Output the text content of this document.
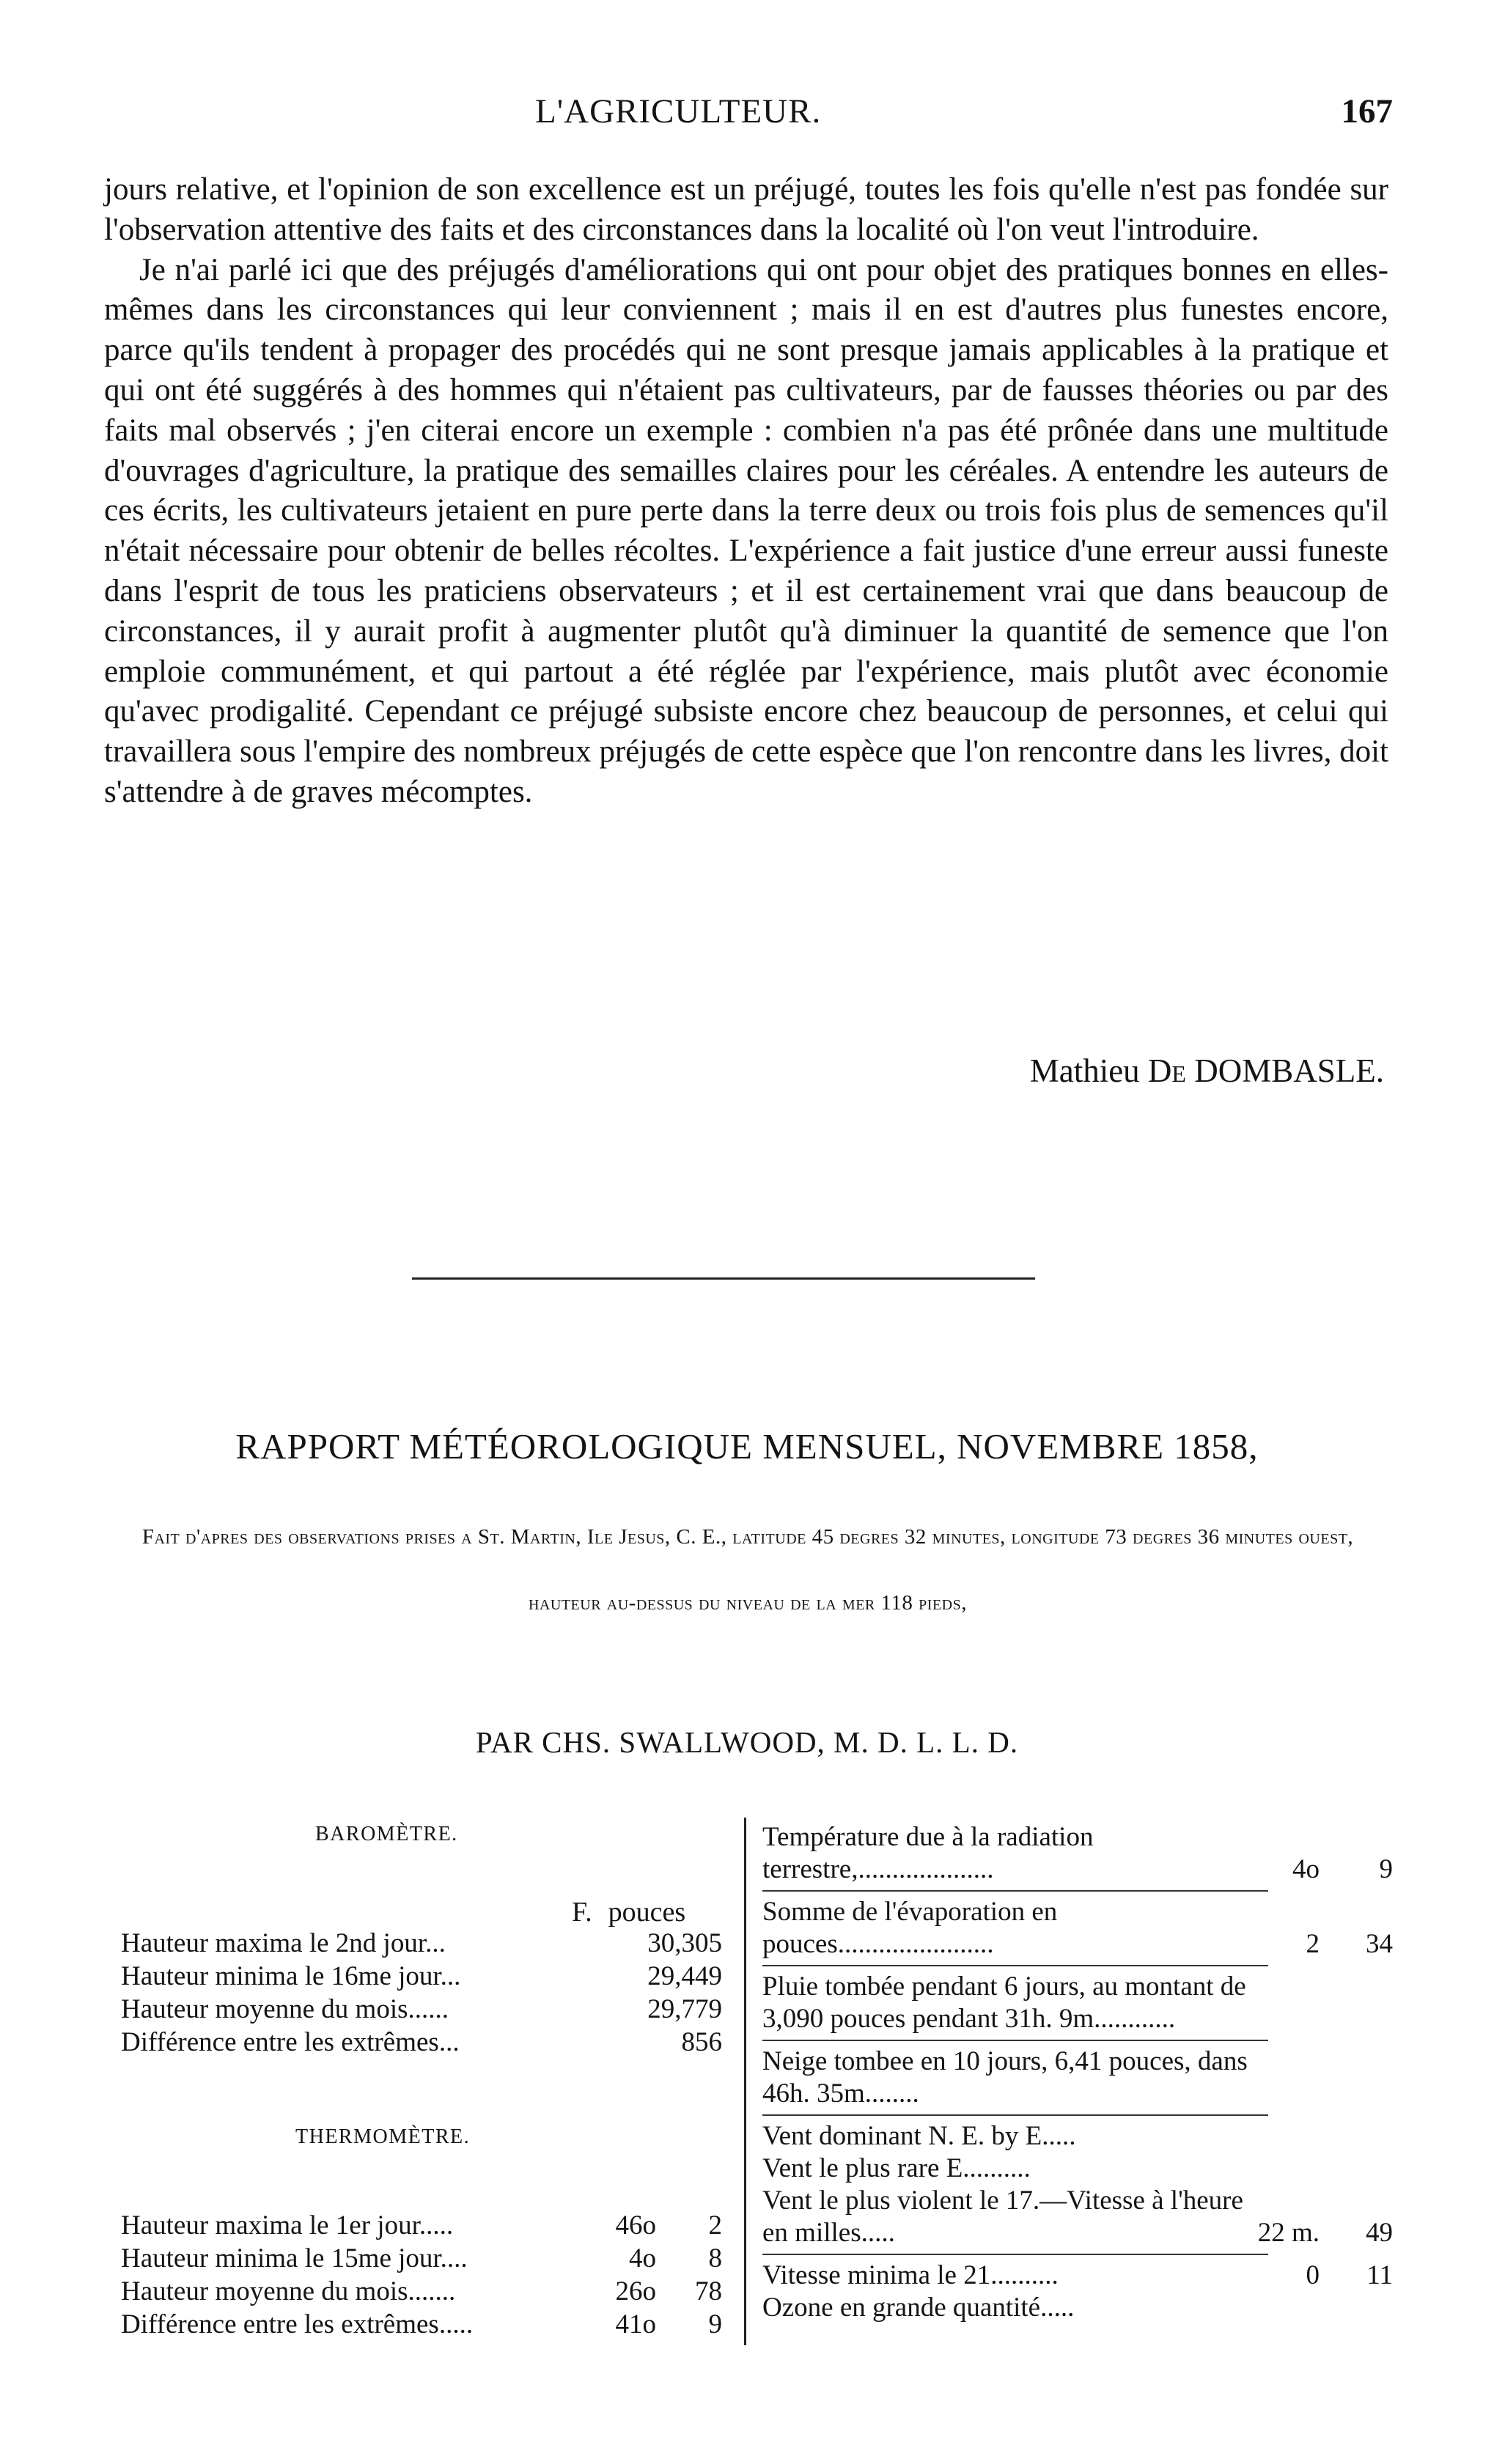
L'AGRICULTEUR.	167

jours relative, et l'opinion de son excellence est un préjugé, toutes les fois qu'elle n'est pas fondée sur l'observation attentive des faits et des circonstances dans la localité où l'on veut l'introduire.

Je n'ai parlé ici que des préjugés d'améliorations qui ont pour objet des pratiques bonnes en elles-mêmes dans les circonstances qui leur conviennent ; mais il en est d'autres plus funestes encore, parce qu'ils tendent à propager des procédés qui ne sont presque jamais applicables à la pratique et qui ont été suggérés à des hommes qui n'étaient pas cultivateurs, par de fausses théories ou par des faits mal observés ; j'en citerai encore un exemple : combien n'a pas été prônée dans une multitude d'ouvrages d'agriculture, la pratique des semailles claires pour les céréales. A entendre les auteurs de ces écrits, les cultivateurs jetaient en pure perte dans la terre deux ou trois fois plus de semences qu'il n'était nécessaire pour obtenir de belles récoltes. L'expérience a fait justice d'une erreur aussi funeste dans l'esprit de tous les praticiens observateurs ; et il est certainement vrai que dans beaucoup de circonstances, il y aurait profit à augmenter plutôt qu'à diminuer la quantité de semence que l'on emploie communément, et qui partout a été réglée par l'expérience, mais plutôt avec économie qu'avec prodigalité. Cependant ce préjugé subsiste encore chez beaucoup de personnes, et celui qui travaillera sous l'empire des nombreux préjugés de cette espèce que l'on rencontre dans les livres, doit s'attendre à de graves mécomptes.

Mathieu De DOMBASLE.
RAPPORT MÉTÉOROLOGIQUE MENSUEL, NOVEMBRE 1858,
Fait d'apres des observations prises a St. Martin, Ile Jesus, C. E., latitude 45 degres 32 minutes, longitude 73 degres 36 minutes ouest, hauteur au-dessus du niveau de la mer 118 pieds,
PAR CHS. SWALLWOOD, M. D. L. L. D.
BAROMÈTRE.
F. pouces
Hauteur maxima le 2nd jour...	30,305
Hauteur minima le 16me jour...	29,449
Hauteur moyenne du mois......	29,779
Différence entre les extrêmes...	856
THERMOMÈTRE.
Hauteur maxima le 1er jour.....	46o	2
Hauteur minima le 15me jour....	4o	8
Hauteur moyenne du mois.......	26o	78
Différence entre les extrêmes.....	41o	9
Température due à la radiation terrestre,....................	4o 9
Somme de l'évaporation en pouces.......................	2 34
Pluie tombée pendant 6 jours, au montant de 3,090 pouces pendant 31h. 9m............
Neige tombee en 10 jours, 6,41 pouces, dans 46h. 35m........
Vent dominant N. E. by E.....
Vent le plus rare E..........
Vent le plus violent le 17.—Vitesse à l'heure en milles.....	22 m. 49
Vitesse minima le 21..........	0 11
Ozone en grande quantité.....
